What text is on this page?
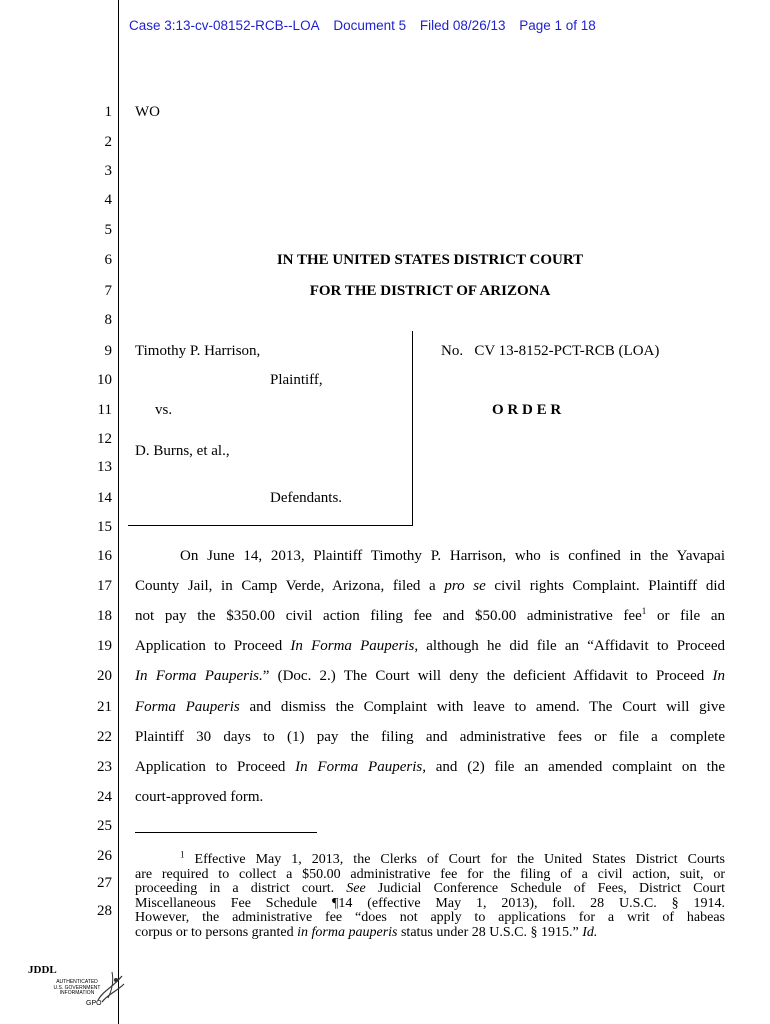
Case 3:13-cv-08152-RCB--LOA Document 5 Filed 08/26/13 Page 1 of 18
1
2
3
4
5
6
7
8
9
10
11
12
13
14
15
16
17
18
19
20
21
22
23
24
25
26
27
28
WO
IN THE UNITED STATES DISTRICT COURT
FOR THE DISTRICT OF ARIZONA
Timothy P. Harrison,
Plaintiff,
vs.
D. Burns, et al.,
Defendants.
No.   CV 13-8152-PCT-RCB (LOA)
O R D E R
On June 14, 2013, Plaintiff Timothy P. Harrison, who is confined in the Yavapai
County Jail, in Camp Verde, Arizona, filed a pro se civil rights Complaint. Plaintiff did
not pay the $350.00 civil action filing fee and $50.00 administrative fee$^1$ or file an
Application to Proceed In Forma Pauperis, although he did file an “Affidavit to Proceed
In Forma Pauperis.” (Doc. 2.) The Court will deny the deficient Affidavit to Proceed In
Forma Pauperis and dismiss the Complaint with leave to amend. The Court will give
Plaintiff 30 days to (1) pay the filing and administrative fees or file a complete
Application to Proceed In Forma Pauperis, and (2) file an amended complaint on the
court-approved form.
$^1$ Effective May 1, 2013, the Clerks of Court for the United States District Courts
are required to collect a $50.00 administrative fee for the filing of a civil action, suit, or
proceeding in a district court. See Judicial Conference Schedule of Fees, District Court
Miscellaneous Fee Schedule ¶14 (effective May 1, 2013), foll. 28 U.S.C. § 1914.
However, the administrative fee “does not apply to applications for a writ of habeas
corpus or to persons granted in forma pauperis status under 28 U.S.C. § 1915.” Id.
JDDL
AUTHENTICATED
U.S. GOVERNMENT
INFORMATION
GPO
